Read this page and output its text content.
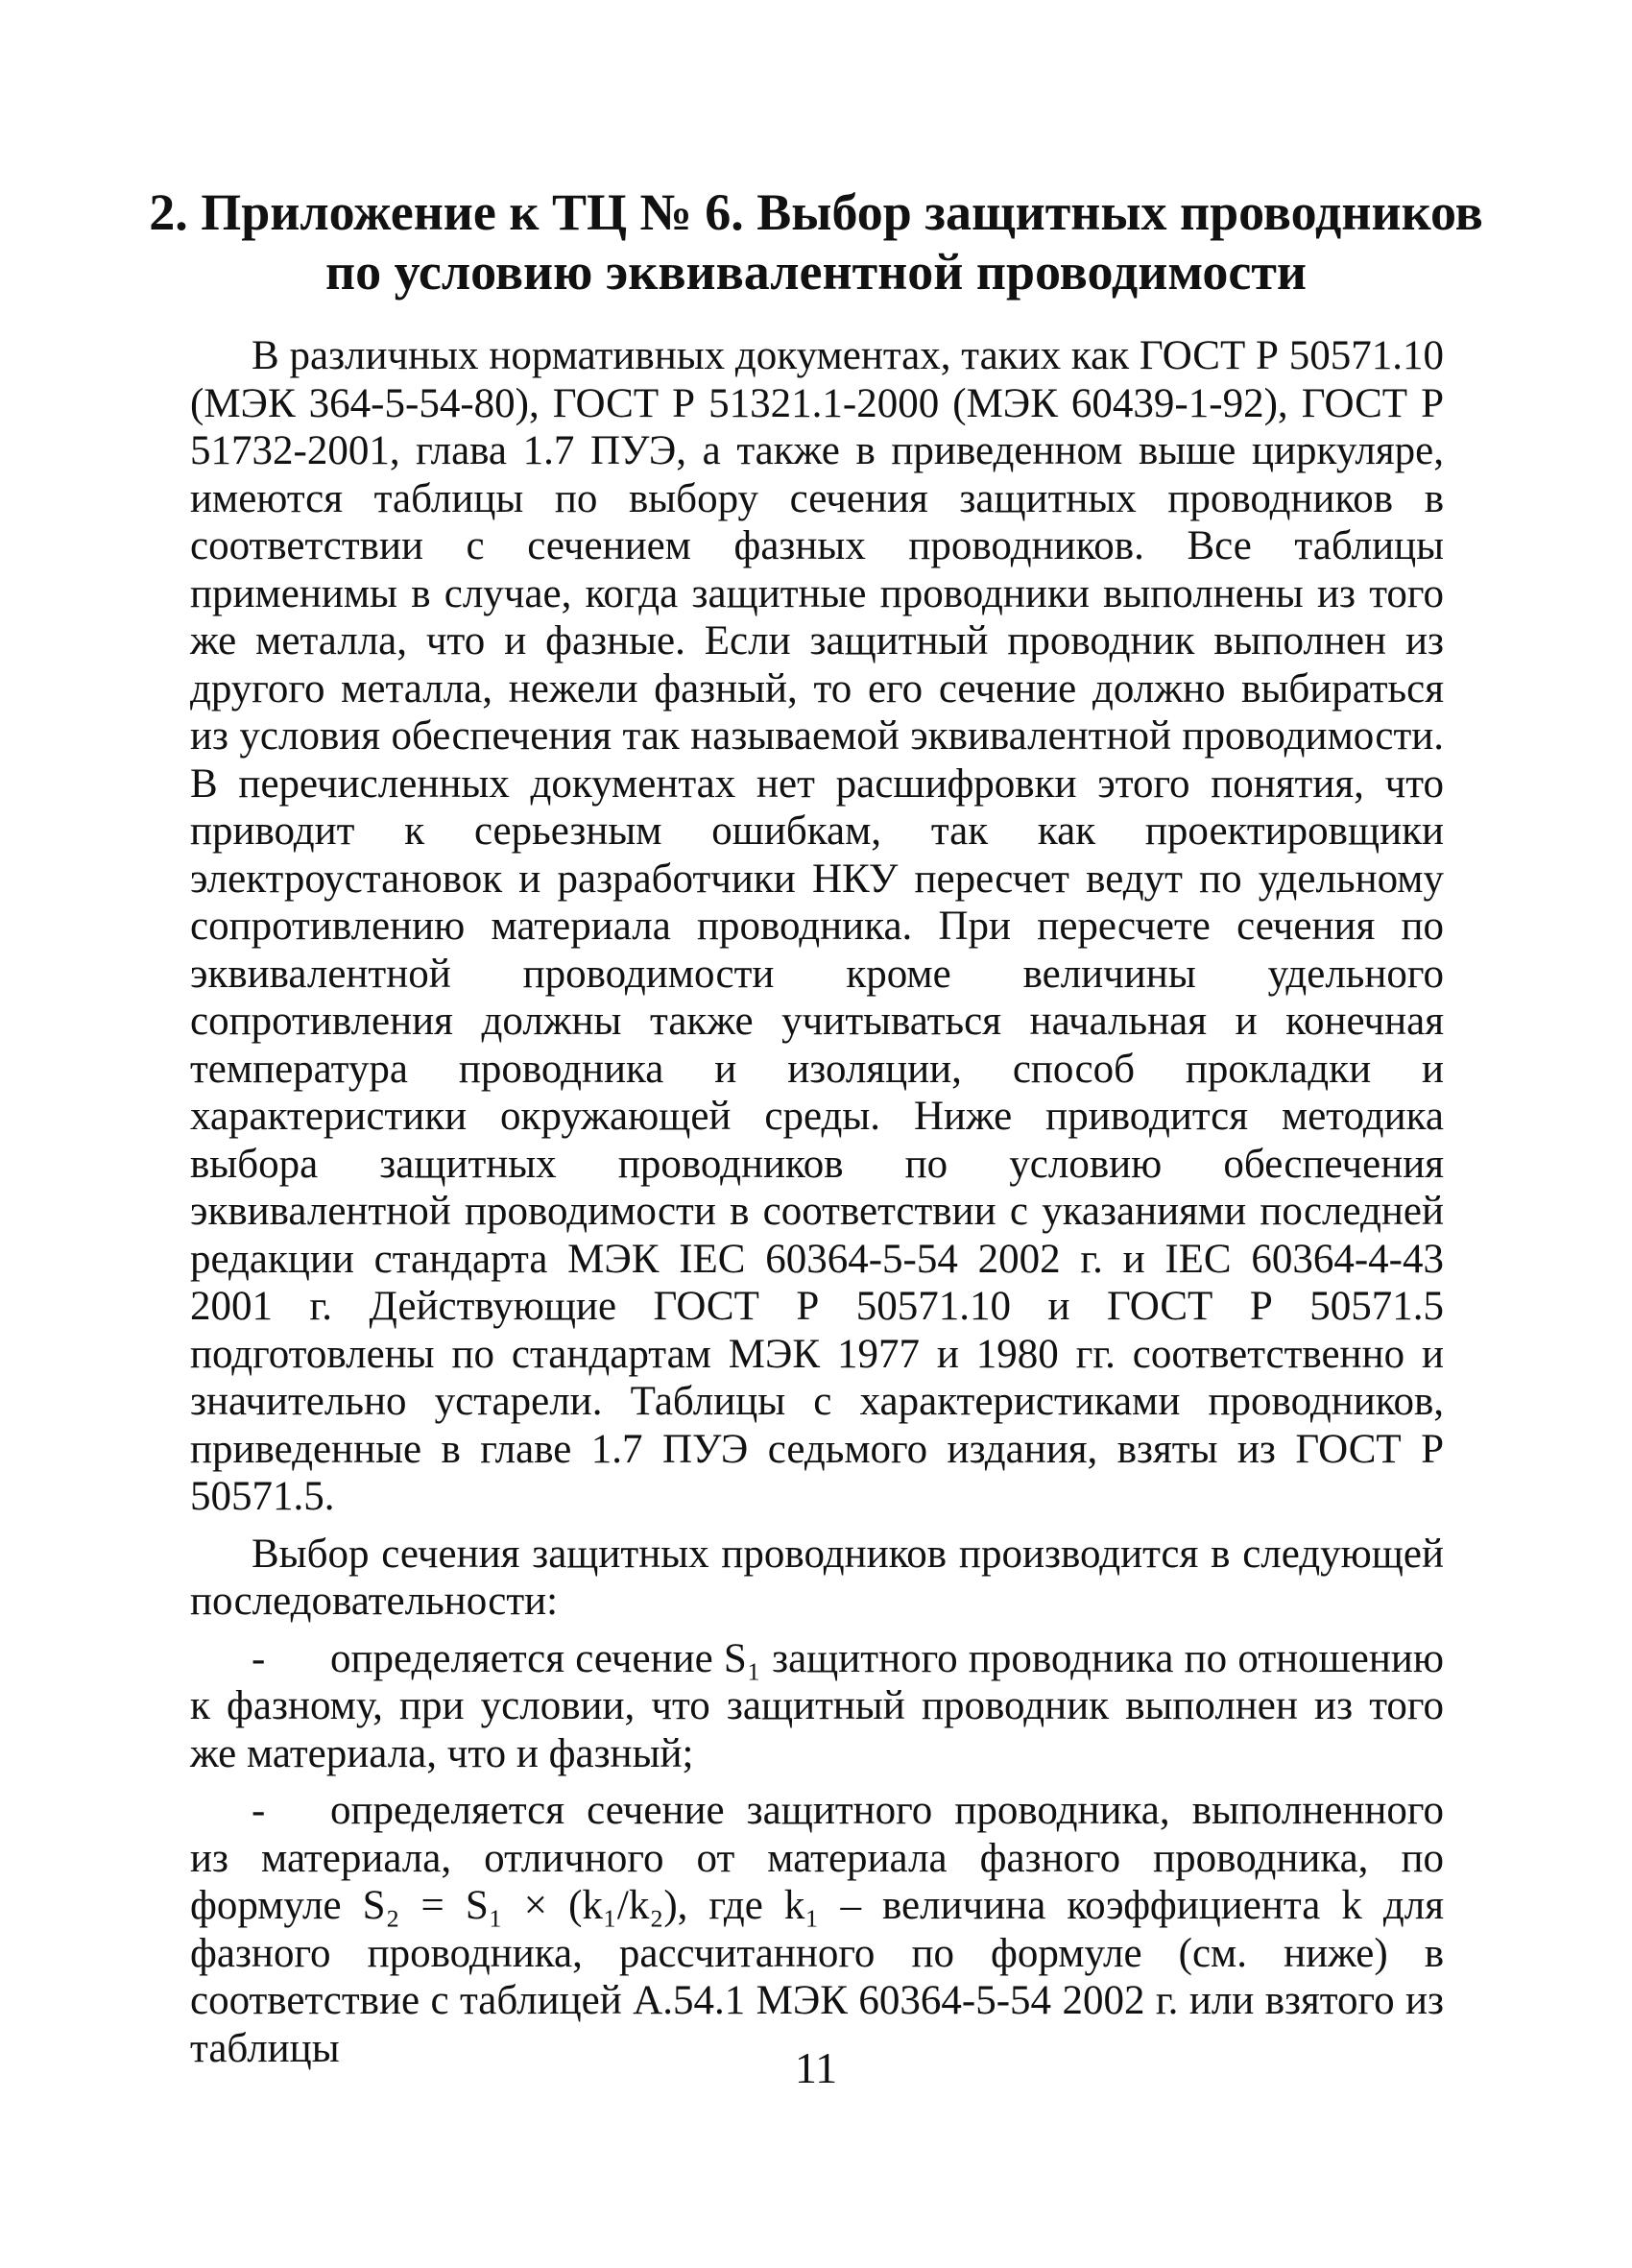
2. Приложение к ТЦ № 6. Выбор защитных проводников
по условию эквивалентной проводимости

В различных нормативных документах, таких как ГОСТ Р 50571.10 (МЭК 364-5-54-80), ГОСТ Р 51321.1-2000 (МЭК 60439-1-92), ГОСТ Р 51732-2001, глава 1.7 ПУЭ, а также в приведенном выше циркуляре, имеются таблицы по выбору сечения защитных проводников в соответствии с сечением фазных проводников. Все таблицы применимы в случае, когда защитные проводники выполнены из того же металла, что и фазные. Если защитный проводник выполнен из другого металла, нежели фазный, то его сечение должно выбираться из условия обеспечения так называемой эквивалентной проводимости. В перечисленных документах нет расшифровки этого понятия, что приводит к серьезным ошибкам, так как проектировщики электроустановок и разработчики НКУ пересчет ведут по удельному сопротивлению материала проводника. При пересчете сечения по эквивалентной проводимости кроме величины удельного сопротивления должны также учитываться начальная и конечная температура проводника и изоляции, способ прокладки и характеристики окружающей среды. Ниже приводится методика выбора защитных проводников по условию обеспечения эквивалентной проводимости в соответствии с указаниями последней редакции стандарта МЭК IEC 60364-5-54 2002 г. и IEC 60364-4-43 2001 г. Действующие ГОСТ Р 50571.10 и ГОСТ Р 50571.5 подготовлены по стандартам МЭК 1977 и 1980 гг. соответственно и значительно устарели. Таблицы с характеристиками проводников, приведенные в главе 1.7 ПУЭ седьмого издания, взяты из ГОСТ Р 50571.5.

Выбор сечения защитных проводников производится в следующей последовательности:

- определяется сечение S₁ защитного проводника по отношению к фазному, при условии, что защитный проводник выполнен из того же материала, что и фазный;

- определяется сечение защитного проводника, выполненного из материала, отличного от материала фазного проводника, по формуле S₂ = S₁ × (k₁/k₂), где k₁ – величина коэффициента k для фазного проводника, рассчитанного по формуле (см. ниже) в соответствие с таблицей А.54.1 МЭК 60364-5-54 2002 г. или взятого из таблицы	11
